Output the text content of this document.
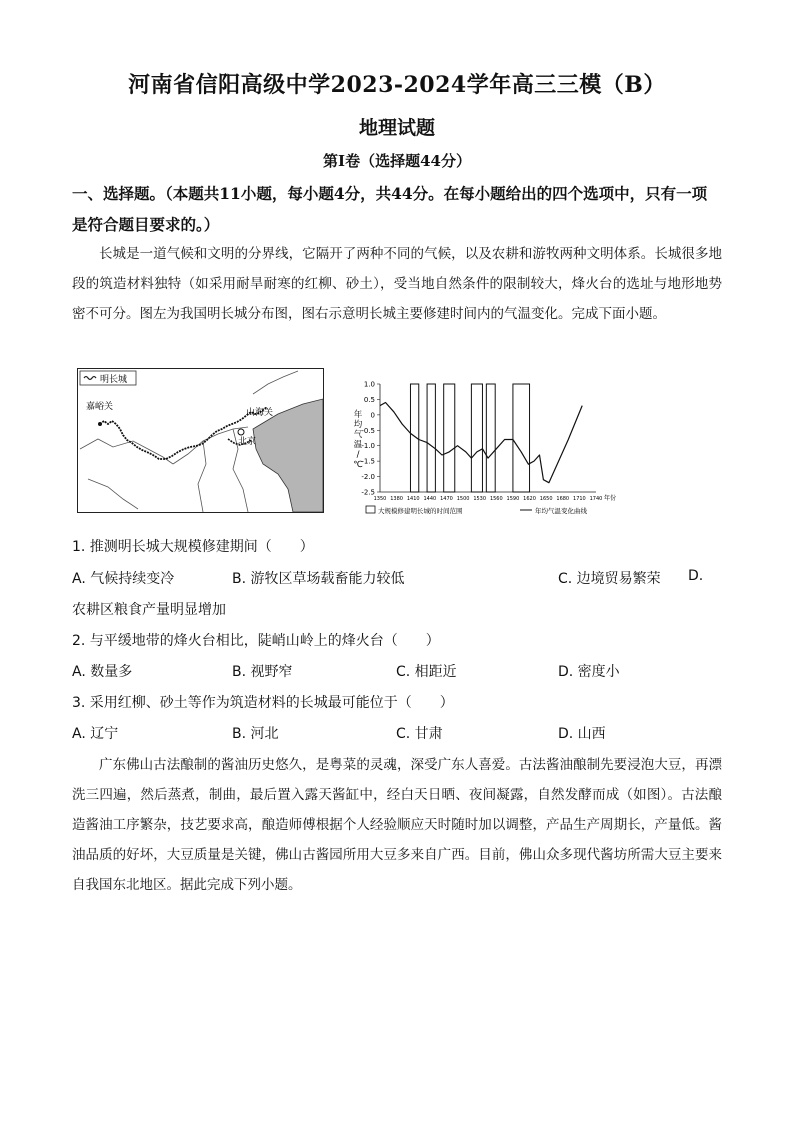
河南省信阳高级中学2023-2024学年高三三模（B）
地理试题
第Ⅰ卷（选择题44分）
一、选择题。（本题共11小题，每小题4分，共44分。在每小题给出的四个选项中，只有一项是符合题目要求的。）
长城是一道气候和文明的分界线，它隔开了两种不同的气候，以及农耕和游牧两种文明体系。长城很多地段的筑造材料独特（如采用耐旱耐寒的红柳、砂土），受当地自然条件的限制较大，烽火台的选址与地形地势密不可分。图左为我国明长城分布图，图右示意明长城主要修建时间内的气温变化。完成下面小题。
明长城
嘉峪关
山海关
北京
年
均
气
温
/
℃
1.0
0.5
0
-0.5
-1.0
-1.5
-2.0
-2.5
1350 1380 1410 1440 1470 1500 1530 1560 1590 1620 1650 1680 1710 1740 年份
大规模修建明长城的时间范围	年均气温变化曲线
1. 推测明长城大规模修建期间（　　）
A. 气候持续变冷	B. 游牧区草场载畜能力较低	C. 边境贸易繁荣 D.
农耕区粮食产量明显增加
2. 与平缓地带的烽火台相比，陡峭山岭上的烽火台（　　）
A. 数量多	B. 视野窄	C. 相距近	D. 密度小
3. 采用红柳、砂土等作为筑造材料的长城最可能位于（　　）
A. 辽宁	B. 河北	C. 甘肃	D. 山西
广东佛山古法酿制的酱油历史悠久，是粤菜的灵魂，深受广东人喜爱。古法酱油酿制先要浸泡大豆，再漂洗三四遍，然后蒸煮，制曲，最后置入露天酱缸中，经白天日晒、夜间凝露，自然发酵而成（如图）。古法酿造酱油工序繁杂，技艺要求高，酿造师傅根据个人经验顺应天时随时加以调整，产品生产周期长，产量低。酱油品质的好坏，大豆质量是关键，佛山古酱园所用大豆多来自广西。目前，佛山众多现代酱坊所需大豆主要来自我国东北地区。据此完成下列小题。
